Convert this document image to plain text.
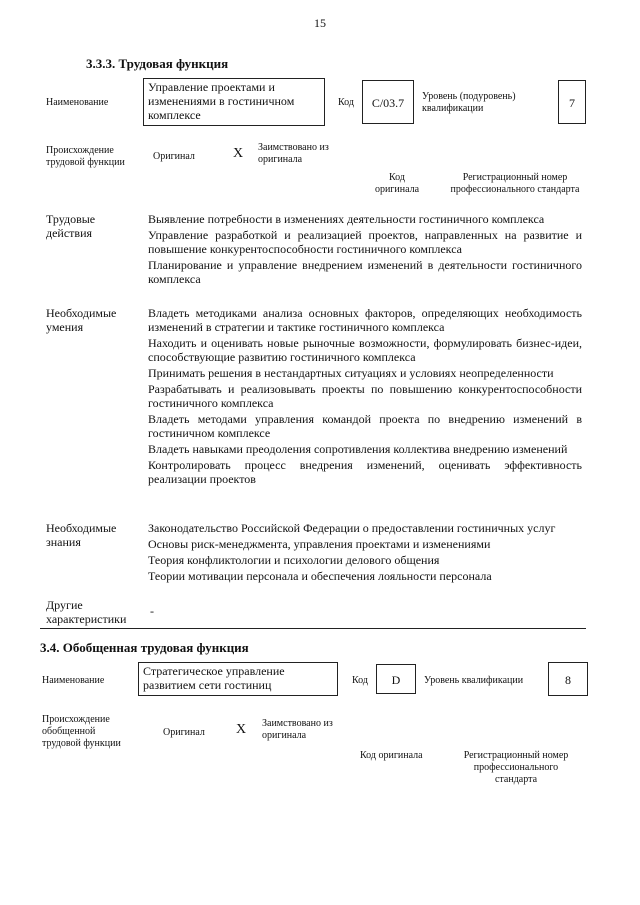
15
3.3.3. Трудовая функция
Наименование
Управление проектами и изменениями в гостиничном комплексе
Код	C/03.7	Уровень (подуровень) квалификации	7
Происхождение трудовой функции
Оригинал	X Заимствовано из оригинала
Код оригинала
Регистрационный номер профессионального стандарта
Трудовые действия
Выявление потребности в изменениях деятельности гостиничного комплекса
Управление разработкой и реализацией проектов, направленных на развитие и повышение конкурентоспособности гостиничного комплекса
Планирование и управление внедрением изменений в деятельности гостиничного комплекса
Необходимые умения
Владеть методиками анализа основных факторов, определяющих необходимость изменений в стратегии и тактике гостиничного комплекса
Находить и оценивать новые рыночные возможности, формулировать бизнес-идеи, способствующие развитию гостиничного комплекса
Принимать решения в нестандартных ситуациях и условиях неопределенности
Разрабатывать и реализовывать проекты по повышению конкурентоспособности гостиничного комплекса
Владеть методами управления командой проекта по внедрению изменений в гостиничном комплексе
Владеть навыками преодоления сопротивления коллектива внедрению изменений
Контролировать процесс внедрения изменений, оценивать эффективность реализации проектов
Необходимые знания
Законодательство Российской Федерации о предоставлении гостиничных услуг
Основы риск-менеджмента, управления проектами и изменениями
Теория конфликтологии и психологии делового общения
Теории мотивации персонала и обеспечения лояльности персонала
Другие характеристики
-
3.4. Обобщенная трудовая функция
Наименование
Стратегическое управление развитием сети гостиниц	Код	D	Уровень квалификации	8
Происхождение обобщенной трудовой функции
Оригинал X Заимствовано из оригинала
Код оригинала	Регистрационный номер профессионального стандарта
